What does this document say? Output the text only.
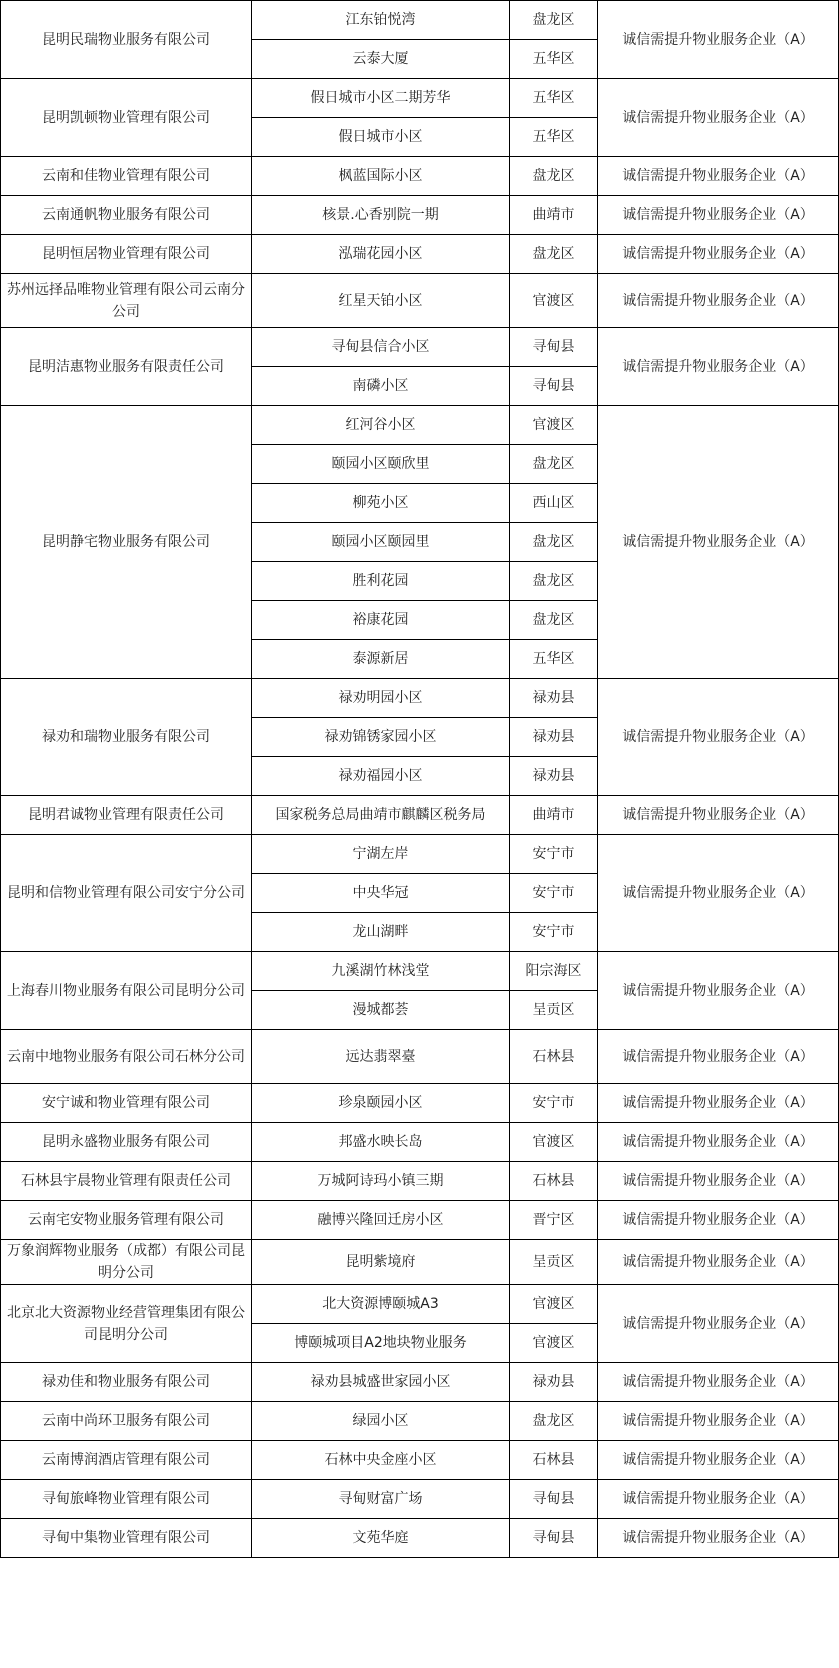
昆明民瑞物业服务有限公司	江东铂悦湾	盘龙区	诚信需提升物业服务企业（A）
	云泰大厦	五华区	
昆明凯顿物业管理有限公司	假日城市小区二期芳华	五华区	诚信需提升物业服务企业（A）
	假日城市小区	五华区	
云南和佳物业管理有限公司	枫蓝国际小区	盘龙区	诚信需提升物业服务企业（A）
云南通帆物业服务有限公司	核景.心香别院一期	曲靖市	诚信需提升物业服务企业（A）
昆明恒居物业管理有限公司	泓瑞花园小区	盘龙区	诚信需提升物业服务企业（A）
苏州远择品唯物业管理有限公司云南分公司	红星天铂小区	官渡区	诚信需提升物业服务企业（A）
昆明洁惠物业服务有限责任公司	寻甸县信合小区	寻甸县	诚信需提升物业服务企业（A）
	南磷小区	寻甸县	
昆明静宅物业服务有限公司	红河谷小区	官渡区	诚信需提升物业服务企业（A）
	颐园小区颐欣里	盘龙区	
	柳苑小区	西山区	
	颐园小区颐园里	盘龙区	
	胜利花园	盘龙区	
	裕康花园	盘龙区	
	泰源新居	五华区	
禄劝和瑞物业服务有限公司	禄劝明园小区	禄劝县	诚信需提升物业服务企业（A）
	禄劝锦锈家园小区	禄劝县	
	禄劝福园小区	禄劝县	
昆明君诚物业管理有限责任公司	国家税务总局曲靖市麒麟区税务局	曲靖市	诚信需提升物业服务企业（A）
昆明和信物业管理有限公司安宁分公司	宁湖左岸	安宁市	诚信需提升物业服务企业（A）
	中央华冠	安宁市	
	龙山湖畔	安宁市	
上海春川物业服务有限公司昆明分公司	九溪湖竹林浅堂	阳宗海区	诚信需提升物业服务企业（A）
	漫城都荟	呈贡区	
云南中地物业服务有限公司石林分公司	远达翡翠臺	石林县	诚信需提升物业服务企业（A）
安宁诚和物业管理有限公司	珍泉颐园小区	安宁市	诚信需提升物业服务企业（A）
昆明永盛物业服务有限公司	邦盛水映长岛	官渡区	诚信需提升物业服务企业（A）
石林县宇晨物业管理有限责任公司	万城阿诗玛小镇三期	石林县	诚信需提升物业服务企业（A）
云南宅安物业服务管理有限公司	融博兴隆回迁房小区	晋宁区	诚信需提升物业服务企业（A）
万象润辉物业服务（成都）有限公司昆明分公司	昆明紫境府	呈贡区	诚信需提升物业服务企业（A）
北京北大资源物业经营管理集团有限公司昆明分公司	北大资源博颐城A3	官渡区	诚信需提升物业服务企业（A）
	博颐城项目A2地块物业服务	官渡区	
禄劝佳和物业服务有限公司	禄劝县城盛世家园小区	禄劝县	诚信需提升物业服务企业（A）
云南中尚环卫服务有限公司	绿园小区	盘龙区	诚信需提升物业服务企业（A）
云南博润酒店管理有限公司	石林中央金座小区	石林县	诚信需提升物业服务企业（A）
寻甸旅峰物业管理有限公司	寻甸财富广场	寻甸县	诚信需提升物业服务企业（A）
寻甸中集物业管理有限公司	文苑华庭	寻甸县	诚信需提升物业服务企业（A）
